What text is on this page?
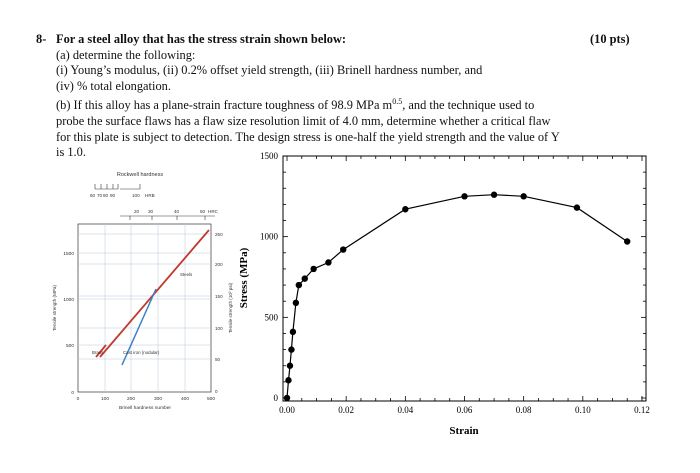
8- For a steel alloy that has the stress strain shown below:	(10 pts)
(a) determine the following:
(i) Young’s modulus, (ii) 0.2% offset yield strength, (iii) Brinell hardness number, and
(iv) % total elongation.
(b) If this alloy has a plane-strain fracture toughness of 98.9 MPa $m^{0.5}$, and the technique used to
probe the surface flaws has a flaw size resolution limit of 4.0 mm, determine whether a critical flaw
for this plate is subject to detection. The design stress is one-half the yield strength and the value of Y
is 1.0.
Rockwell hardness
60 70 80 90	100 HRB
20 30	40	50 HRC
0
500
1000
1500
Tensile strength (MPa)
0
50
100
150
200
250
Tensile strength (10³ psi)
0	100	200	300	400	500
Brinell hardness number
Steels
Brass	Cast iron (nodular)
0.00	0.02	0.04	0.06	0.08	0.10	0.12
0
500
1000
1500
Strain
Stress (MPa)
